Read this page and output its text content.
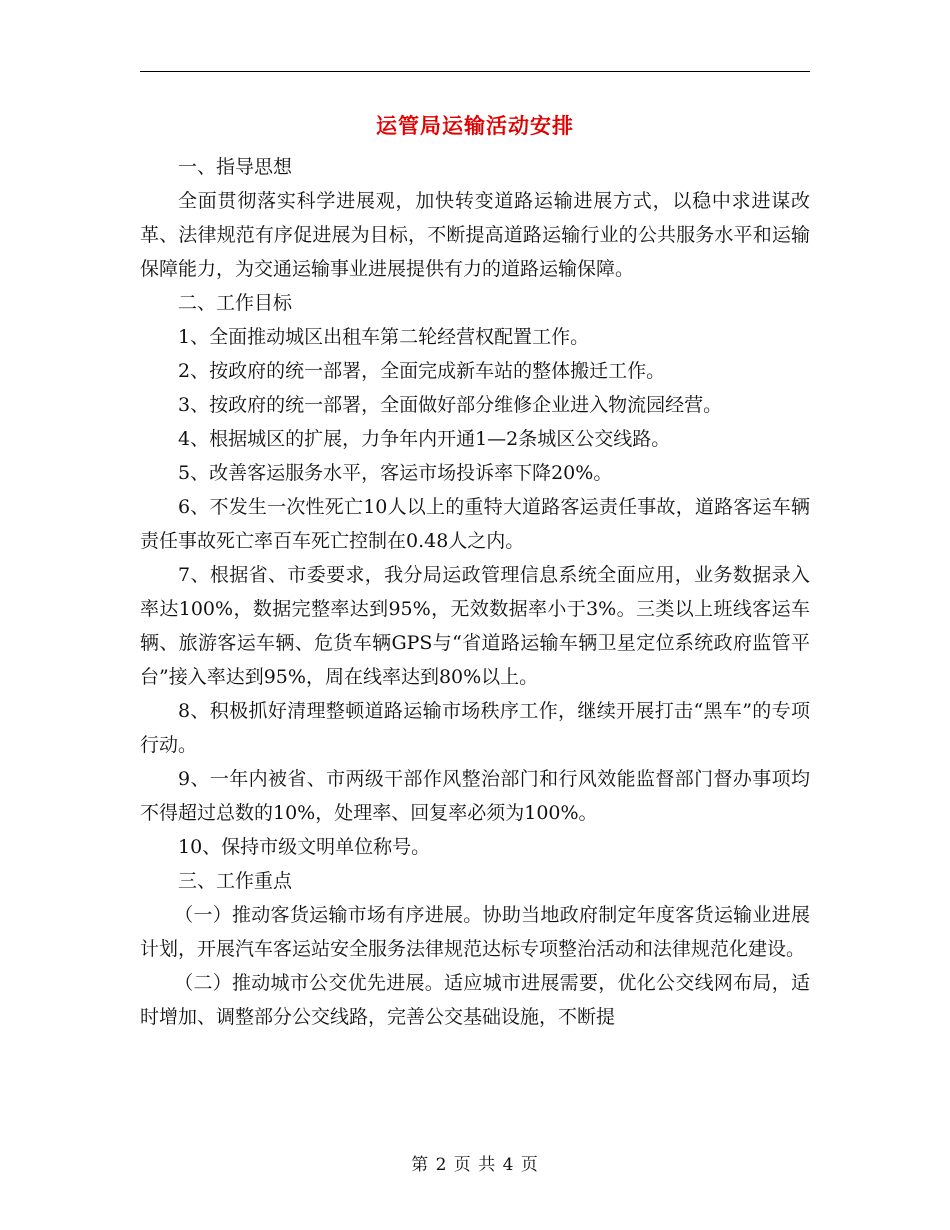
运管局运输活动安排

一、指导思想

全面贯彻落实科学进展观，加快转变道路运输进展方式，以稳中求进谋改革、法律规范有序促进展为目标，不断提高道路运输行业的公共服务水平和运输保障能力，为交通运输事业进展提供有力的道路运输保障。

二、工作目标

1、全面推动城区出租车第二轮经营权配置工作。

2、按政府的统一部署，全面完成新车站的整体搬迁工作。

3、按政府的统一部署，全面做好部分维修企业进入物流园经营。

4、根据城区的扩展，力争年内开通1—2条城区公交线路。

5、改善客运服务水平，客运市场投诉率下降20%。

6、不发生一次性死亡10人以上的重特大道路客运责任事故，道路客运车辆责任事故死亡率百车死亡控制在0.48人之内。

7、根据省、市委要求，我分局运政管理信息系统全面应用，业务数据录入率达100%，数据完整率达到95%，无效数据率小于3%。三类以上班线客运车辆、旅游客运车辆、危货车辆GPS与“省道路运输车辆卫星定位系统政府监管平台”接入率达到95%，周在线率达到80%以上。

8、积极抓好清理整顿道路运输市场秩序工作，继续开展打击“黑车”的专项行动。

9、一年内被省、市两级干部作风整治部门和行风效能监督部门督办事项均不得超过总数的10%，处理率、回复率必须为100%。

10、保持市级文明单位称号。

三、工作重点

（一）推动客货运输市场有序进展。协助当地政府制定年度客货运输业进展计划，开展汽车客运站安全服务法律规范达标专项整治活动和法律规范化建设。

（二）推动城市公交优先进展。适应城市进展需要，优化公交线网布局，适时增加、调整部分公交线路，完善公交基础设施，不断提

第 2 页 共 4 页
